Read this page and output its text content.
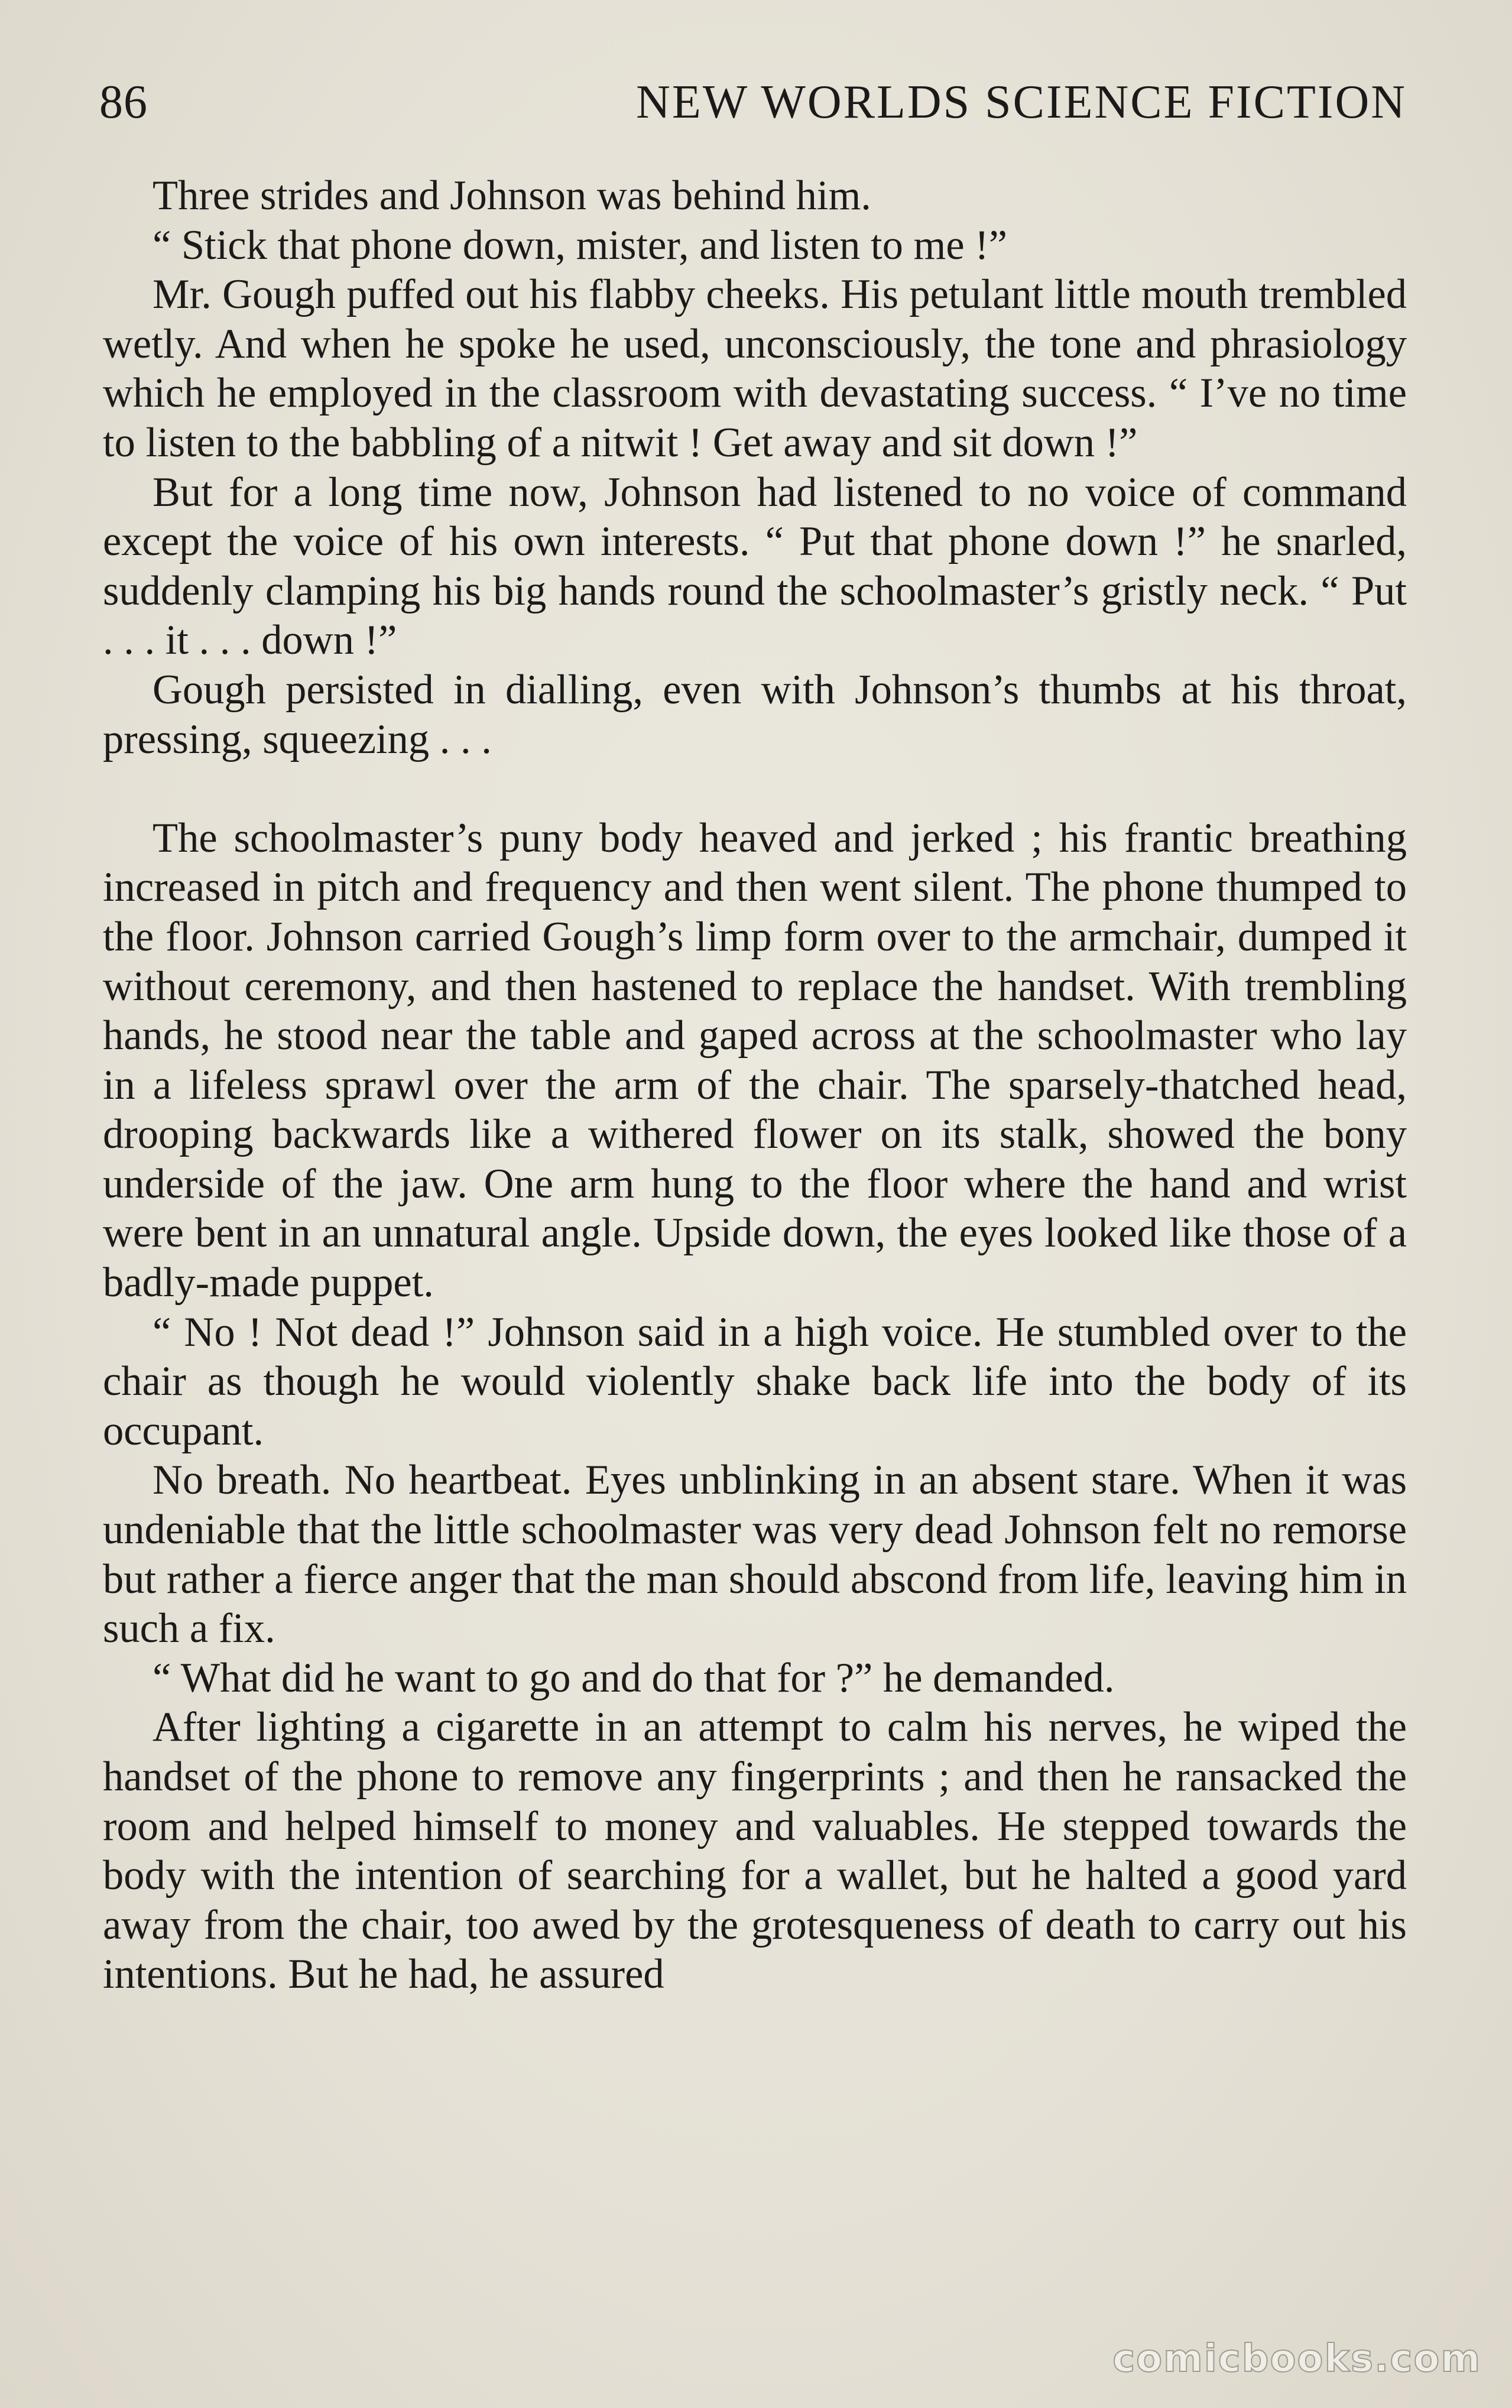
86	NEW WORLDS SCIENCE FICTION

Three strides and Johnson was behind him.

“ Stick that phone down, mister, and listen to me !”

Mr. Gough puffed out his flabby cheeks. His petulant little mouth trembled wetly. And when he spoke he used, unconsciously, the tone and phrasiology which he employed in the classroom with devastating success. “ I’ve no time to listen to the babbling of a nitwit ! Get away and sit down !”

But for a long time now, Johnson had listened to no voice of command except the voice of his own interests. “ Put that phone down !” he snarled, suddenly clamping his big hands round the schoolmaster’s gristly neck. “ Put . . . it . . . down !”

Gough persisted in dialling, even with Johnson’s thumbs at his throat, pressing, squeezing . . .

The schoolmaster’s puny body heaved and jerked ; his frantic breathing increased in pitch and frequency and then went silent. The phone thumped to the floor. Johnson carried Gough’s limp form over to the armchair, dumped it without ceremony, and then hastened to replace the handset. With trembling hands, he stood near the table and gaped across at the schoolmaster who lay in a lifeless sprawl over the arm of the chair. The sparsely-thatched head, drooping backwards like a withered flower on its stalk, showed the bony underside of the jaw. One arm hung to the floor where the hand and wrist were bent in an unnatural angle. Upside down, the eyes looked like those of a badly-made puppet.

“ No ! Not dead !” Johnson said in a high voice. He stumbled over to the chair as though he would violently shake back life into the body of its occupant.

No breath. No heartbeat. Eyes unblinking in an absent stare. When it was undeniable that the little schoolmaster was very dead Johnson felt no remorse but rather a fierce anger that the man should abscond from life, leaving him in such a fix.

“ What did he want to go and do that for ?” he demanded.

After lighting a cigarette in an attempt to calm his nerves, he wiped the handset of the phone to remove any fingerprints ; and then he ransacked the room and helped himself to money and valuables. He stepped towards the body with the intention of searching for a wallet, but he halted a good yard away from the chair, too awed by the grotesqueness of death to carry out his intentions. But he had, he assured

comicbooks.com
